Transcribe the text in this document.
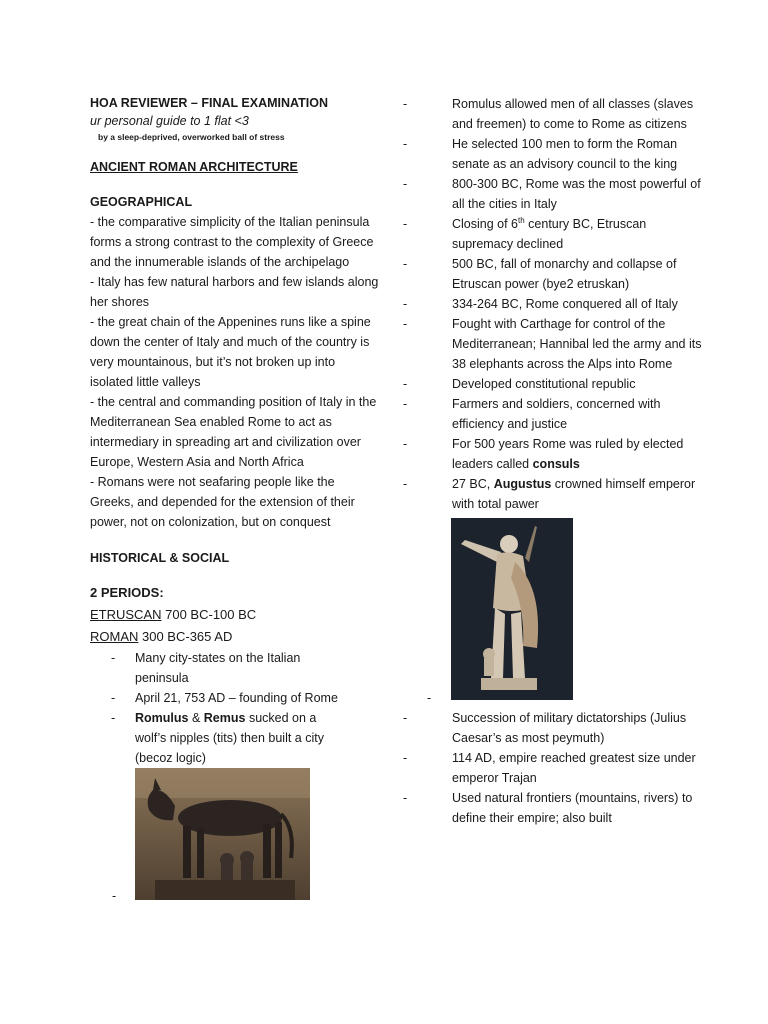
HOA REVIEWER – FINAL EXAMINATION
ur personal guide to 1 flat <3
by a sleep-deprived, overworked ball of stress
ANCIENT ROMAN ARCHITECTURE
GEOGRAPHICAL
- the comparative simplicity of the Italian peninsula forms a strong contrast to the complexity of Greece and the innumerable islands of the archipelago
- Italy has few natural harbors and few islands along her shores
- the great chain of the Appenines runs like a spine down the center of Italy and much of the country is very mountainous, but it’s not broken up into isolated little valleys
- the central and commanding position of Italy in the Mediterranean Sea enabled Rome to act as intermediary in spreading art and civilization over Europe, Western Asia and North Africa
- Romans were not seafaring people like the Greeks, and depended for the extension of their power, not on colonization, but on conquest
HISTORICAL & SOCIAL
2 PERIODS:
ETRUSCAN 700 BC-100 BC
ROMAN 300 BC-365 AD
- Many city-states on the Italian peninsula
- April 21, 753 AD – founding of Rome
- Romulus & Remus sucked on a wolf’s nipples (tits) then built a city (becoz logic)
-
-	Romulus allowed men of all classes (slaves and freemen) to come to Rome as citizens
-	He selected 100 men to form the Roman senate as an advisory council to the king
-	800-300 BC, Rome was the most powerful of all the cities in Italy
-	Closing of 6th century BC, Etruscan supremacy declined
-	500 BC, fall of monarchy and collapse of Etruscan power (bye2 etruskan)
-	334-264 BC, Rome conquered all of Italy
-	Fought with Carthage for control of the Mediterranean; Hannibal led the army and its 38 elephants across the Alps into Rome
-	Developed constitutional republic
-	Farmers and soldiers, concerned with efficiency and justice
-	For 500 years Rome was ruled by elected leaders called consuls
-	27 BC, Augustus crowned himself emperor with total pawer
-
-	Succession of military dictatorships (Julius Caesar’s as most peymuth)
-	114 AD, empire reached greatest size under emperor Trajan
-	Used natural frontiers (mountains, rivers) to define their empire; also built
